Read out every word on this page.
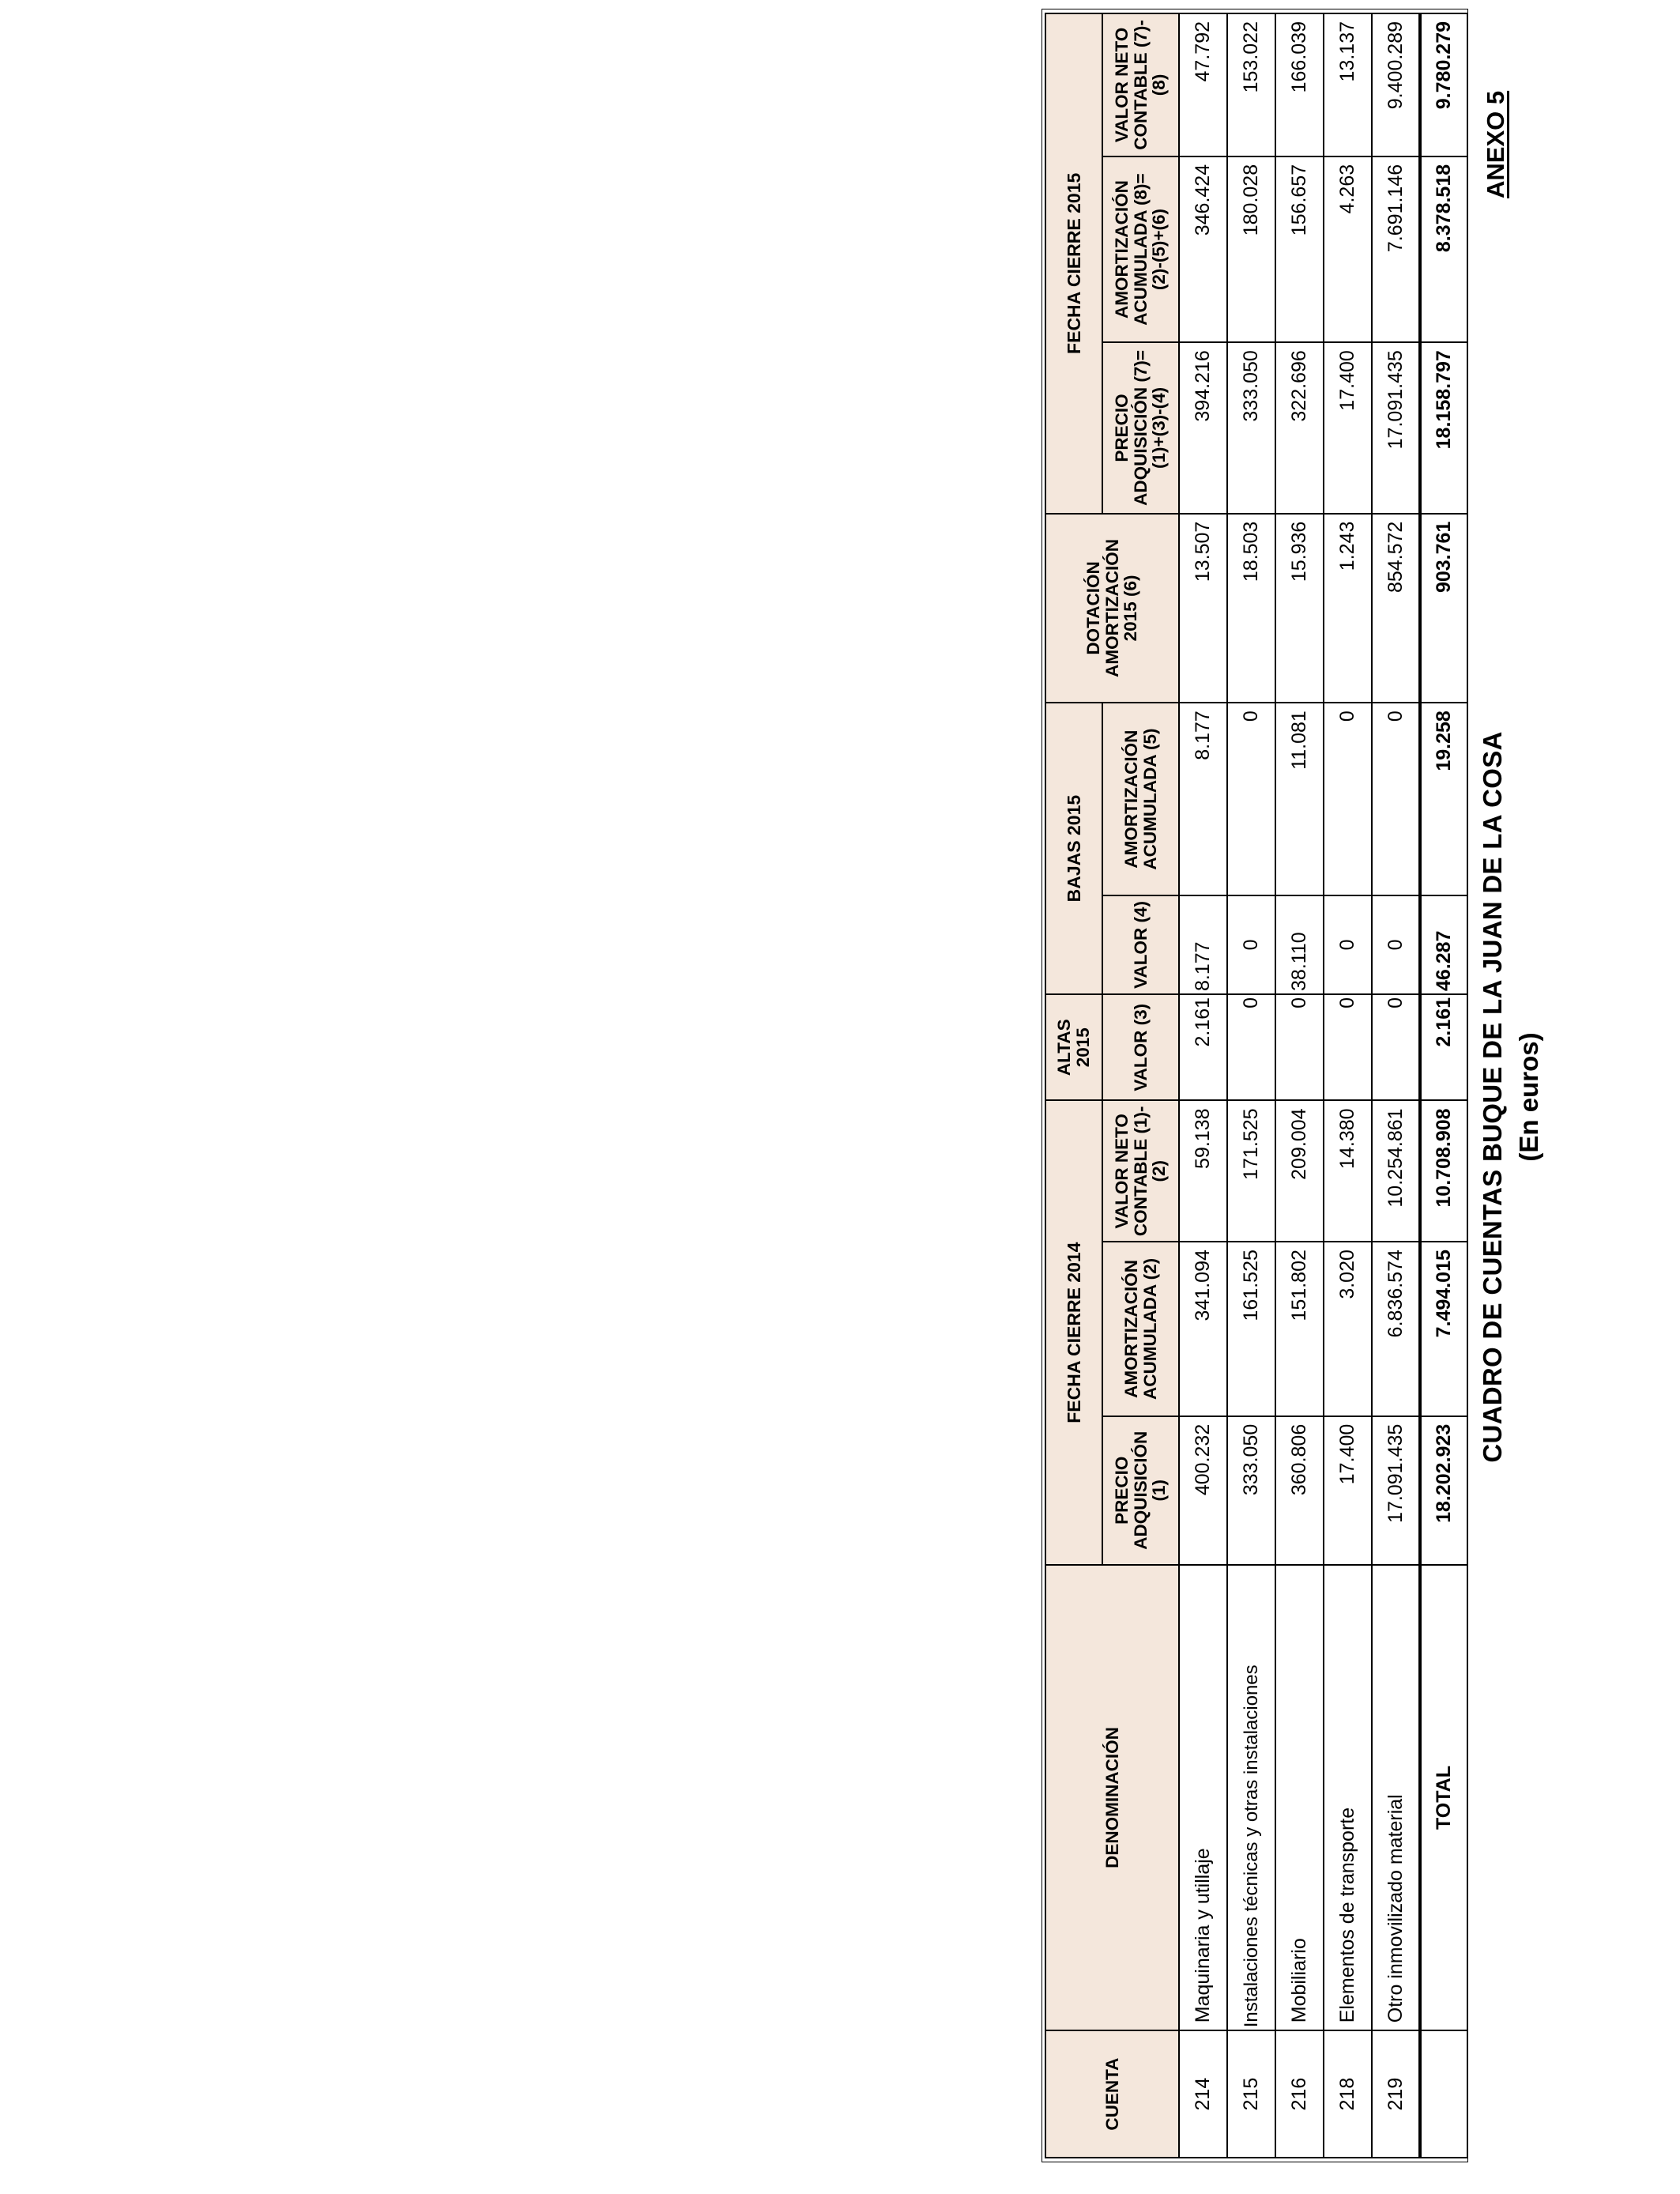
ANEXO 5
CUADRO DE CUENTAS BUQUE DE LA JUAN DE LA COSA (En euros)
CUENTA	DENOMINACIÓN	FECHA CIERRE 2014			ALTAS 2015	BAJAS 2015		DOTACIÓN AMORTIZACIÓN 2015 (6)	FECHA CIERRE 2015		
		PRECIO ADQUISICIÓN (1)	AMORTIZACIÓN ACUMULADA (2)	VALOR NETO CONTABLE (1)-(2)	VALOR (3)	VALOR (4)	AMORTIZACIÓN ACUMULADA (5)		PRECIO ADQUISICIÓN (7)=(1)+(3)-(4)	AMORTIZACIÓN ACUMULADA (8)=(2)-(5)+(6)	VALOR NETO CONTABLE (7)-(8)
214	Maquinaria y utillaje	400.232	341.094	59.138	2.161	8.177	8.177	13.507	394.216	346.424	47.792
215	Instalaciones técnicas y otras instalaciones	333.050	161.525	171.525	0	0	0	18.503	333.050	180.028	153.022
216	Mobiliario	360.806	151.802	209.004	0	38.110	11.081	15.936	322.696	156.657	166.039
218	Elementos de transporte	17.400	3.020	14.380	0	0	0	1.243	17.400	4.263	13.137
219	Otro inmovilizado material	17.091.435	6.836.574	10.254.861	0	0	0	854.572	17.091.435	7.691.146	9.400.289
	TOTAL	18.202.923	7.494.015	10.708.908	2.161	46.287	19.258	903.761	18.158.797	8.378.518	9.780.279
